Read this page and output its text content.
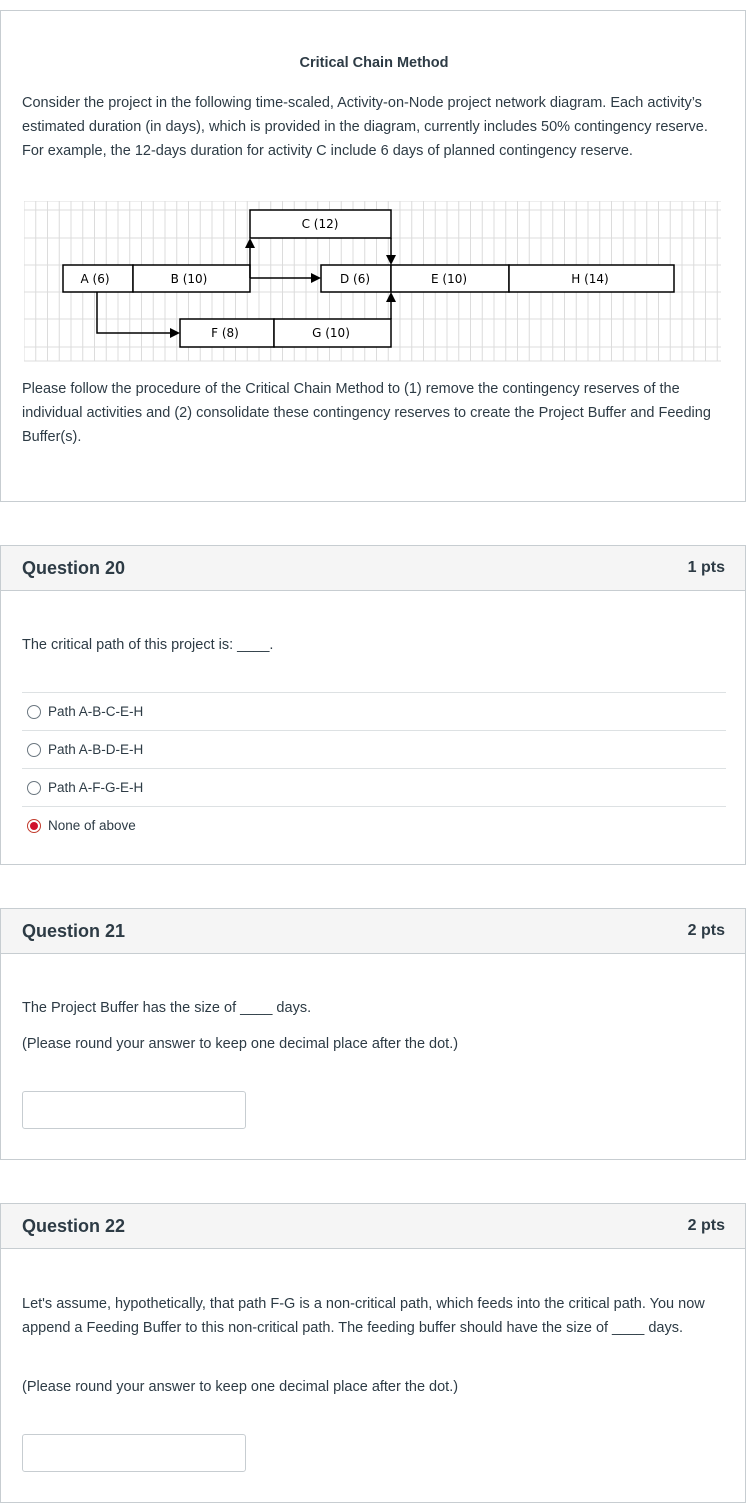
Critical Chain Method

Consider the project in the following time-scaled, Activity-on-Node project network diagram. Each activity’s estimated duration (in days), which is provided in the diagram, currently includes 50% contingency reserve. For example, the 12-days duration for activity C include 6 days of planned contingency reserve.

A (6)	B (10)
C (12)
D (6)	E (10)	H (14)
F (8)	G (10)

Please follow the procedure of the Critical Chain Method to (1) remove the contingency reserves of the individual activities and (2) consolidate these contingency reserves to create the Project Buffer and Feeding Buffer(s).

Question 20	1 pts

The critical path of this project is: ____.

Path A-B-C-E-H
Path A-B-D-E-H
Path A-F-G-E-H
None of above
Question 21	2 pts

The Project Buffer has the size of ____ days.

(Please round your answer to keep one decimal place after the dot.)

Question 22	2 pts

Let's assume, hypothetically, that path F-G is a non-critical path, which feeds into the critical path. You now append a Feeding Buffer to this non-critical path. The feeding buffer should have the size of ____ days.

(Please round your answer to keep one decimal place after the dot.)
